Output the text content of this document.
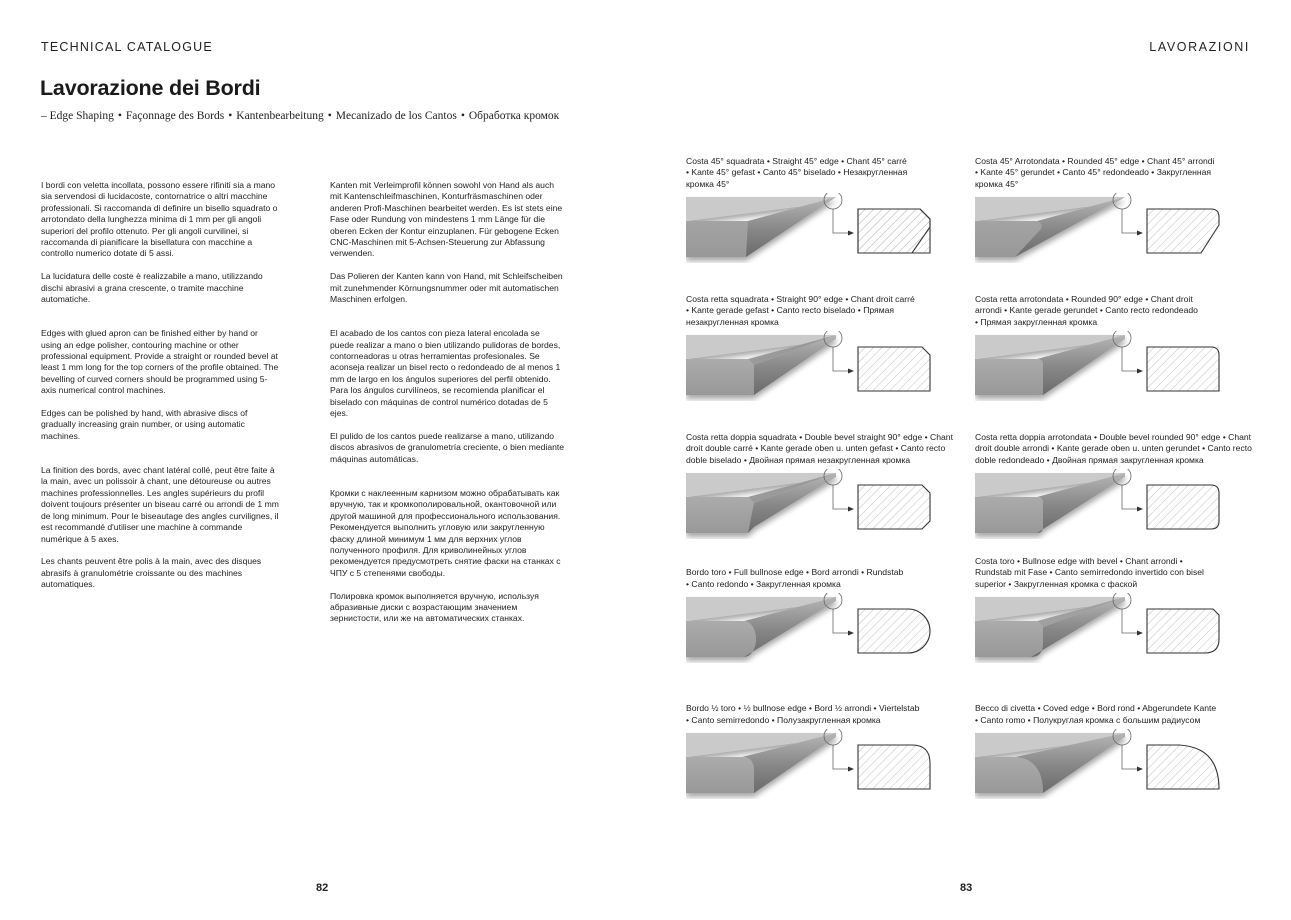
TECHNICAL CATALOGUE	LAVORAZIONI
Lavorazione dei Bordi
– Edge Shaping • Façonnage des Bords • Kantenbearbeitung • Mecanizado de los Cantos • Обработка кромок

I bordi con veletta incollata, possono essere rifiniti sia a mano sia servendosi di lucidacoste, contornatrice o altri macchine professionali. Si raccomanda di definire un bisello squadrato o arrotondato della lunghezza minima di 1 mm per gli angoli superiori del profilo ottenuto. Per gli angoli curvilinei, si raccomanda di pianificare la bisellatura con macchine a controllo numerico dotate di 5 assi.

La lucidatura delle coste è realizzabile a mano, utilizzando dischi abrasivi a grana crescente, o tramite macchine automatiche.

Edges with glued apron can be finished either by hand or using an edge polisher, contouring machine or other professional equipment. Provide a straight or rounded bevel at least 1 mm long for the top corners of the profile obtained. The bevelling of curved corners should be programmed using 5-axis numerical control machines.

Edges can be polished by hand, with abrasive discs of gradually increasing grain number, or using automatic machines.

La finition des bords, avec chant latéral collé, peut être faite à la main, avec un polissoir à chant, une détoureuse ou autres machines professionnelles. Les angles supérieurs du profil doivent toujours présenter un biseau carré ou arrondi de 1 mm de long minimum. Pour le biseautage des angles curvilignes, il est recommandé d'utiliser une machine à commande numérique à 5 axes.

Les chants peuvent être polis à la main, avec des disques abrasifs à granulométrie croissante ou des machines automatiques.

Kanten mit Verleimprofil können sowohl von Hand als auch mit Kantenschleifmaschinen, Konturfräsmaschinen oder anderen Profi-Maschinen bearbeitet werden. Es ist stets eine Fase oder Rundung von mindestens 1 mm Länge für die oberen Ecken der Kontur einzuplanen. Für gebogene Ecken CNC-Maschinen mit 5-Achsen-Steuerung zur Abfassung verwenden.

Das Polieren der Kanten kann von Hand, mit Schleifscheiben mit zunehmender Körnungsnummer oder mit automatischen Maschinen erfolgen.

El acabado de los cantos con pieza lateral encolada se puede realizar a mano o bien utilizando pulidoras de bordes, contorneadoras u otras herramientas profesionales. Se aconseja realizar un bisel recto o redondeado de al menos 1 mm de largo en los ángulos superiores del perfil obtenido. Para los ángulos curvilíneos, se recomienda planificar el biselado con máquinas de control numérico dotadas de 5 ejes.

El pulido de los cantos puede realizarse a mano, utilizando discos abrasivos de granulometría creciente, o bien mediante máquinas automáticas.

Кромки с наклеенным карнизом можно обрабатывать как вручную, так и кромкополировальной, окантовочной или другой машиной для профессионального использования. Рекомендуется выполнить угловую или закругленную фаску длиной минимум 1 мм для верхних углов полученного профиля. Для криволинейных углов рекомендуется предусмотреть снятие фаски на станках с ЧПУ с 5 степенями свободы.

Полировка кромок выполняется вручную, используя абразивные диски с возрастающим значением зернистости, или же на автоматических станках.

Costa 45° squadrata • Straight 45° edge • Chant 45° carré
• Kante 45° gefast • Canto 45° biselado • Незакругленная
кромка 45°
Costa 45° Arrotondata • Rounded 45° edge • Chant 45° arrondi
• Kante 45° gerundet • Canto 45° redondeado • Закругленная
кромка 45°
Costa retta squadrata • Straight 90° edge • Chant droit carré
• Kante gerade gefast • Canto recto biselado • Прямая
незакругленная кромка
Costa retta arrotondata • Rounded 90° edge • Chant droit
arrondi • Kante gerade gerundet • Canto recto redondeado
• Прямая закругленная кромка
Costa retta doppia squadrata • Double bevel straight 90° edge • Chant
droit double carré • Kante gerade oben u. unten gefast • Canto recto
doble biselado • Двойная прямая незакругленная кромка
Costa retta doppia arrotondata • Double bevel rounded 90° edge • Chant
droit double arrondi • Kante gerade oben u. unten gerundet • Canto recto
doble redondeado • Двойная прямая закругленная кромка
Bordo toro • Full bullnose edge • Bord arrondi • Rundstab
• Canto redondo • Закругленная кромка
Costa toro • Bullnose edge with bevel • Chant arrondi •
Rundstab mit Fase • Canto semirredondo invertido con bisel
superior • Закругленная кромка с фаской
Bordo ½ toro • ½ bullnose edge • Bord ½ arrondi • Viertelstab
• Canto semirredondo • Полузакругленная кромка
Becco di civetta • Coved edge • Bord rond • Abgerundete Kante
• Canto romo • Полукруглая кромка с большим радиусом
82	83
